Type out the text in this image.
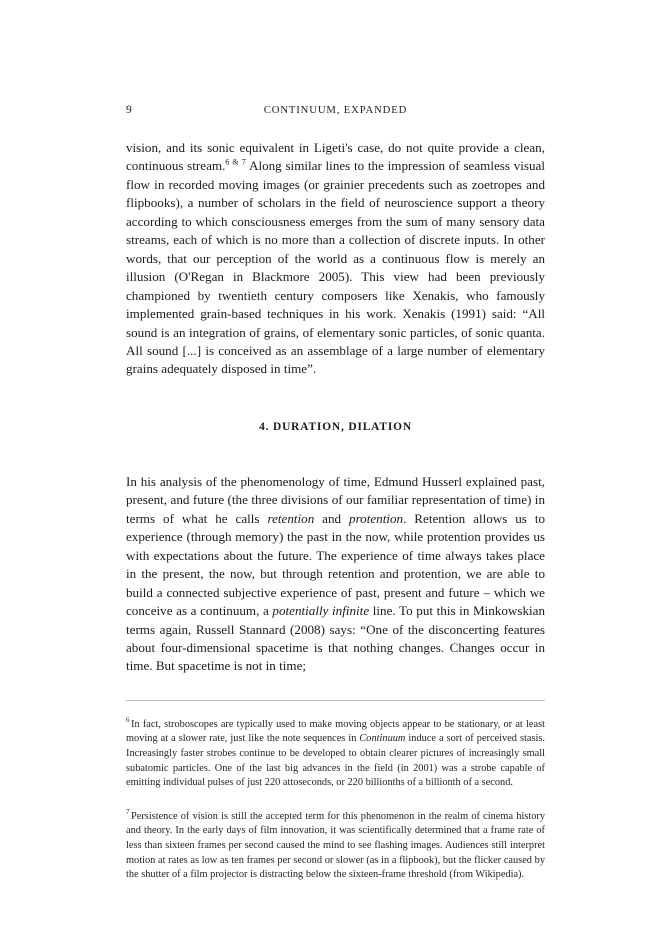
9	CONTINUUM, EXPANDED

vision, and its sonic equivalent in Ligeti's case, do not quite provide a clean, continuous stream.$^{6 \& 7}$ Along similar lines to the impression of seamless visual flow in recorded moving images (or grainier precedents such as zoetropes and flipbooks), a number of scholars in the field of neuroscience support a theory according to which consciousness emerges from the sum of many sensory data streams, each of which is no more than a collection of discrete inputs. In other words, that our perception of the world as a continuous flow is merely an illusion (O'Regan in Blackmore 2005). This view had been previously championed by twentieth century composers like Xenakis, who famously implemented grain-based techniques in his work. Xenakis (1991) said: “All sound is an integration of grains, of elementary sonic particles, of sonic quanta. All sound [...] is conceived as an assemblage of a large number of elementary grains adequately disposed in time”.

4. DURATION, DILATION

In his analysis of the phenomenology of time, Edmund Husserl explained past, present, and future (the three divisions of our familiar representation of time) in terms of what he calls retention and protention. Retention allows us to experience (through memory) the past in the now, while protention provides us with expectations about the future. The experience of time always takes place in the present, the now, but through retention and protention, we are able to build a connected subjective experience of past, present and future – which we conceive as a continuum, a potentially infinite line. To put this in Minkowskian terms again, Russell Stannard (2008) says: “One of the disconcerting features about four-dimensional spacetime is that nothing changes. Changes occur in time. But spacetime is not in time;

$^6$ In fact, stroboscopes are typically used to make moving objects appear to be stationary, or at least moving at a slower rate, just like the note sequences in Continuum induce a sort of perceived stasis. Increasingly faster strobes continue to be developed to obtain clearer pictures of increasingly small subatomic particles. One of the last big advances in the field (in 2001) was a strobe capable of emitting individual pulses of just 220 attoseconds, or 220 billionths of a billionth of a second.

$^7$ Persistence of vision is still the accepted term for this phenomenon in the realm of cinema history and theory. In the early days of film innovation, it was scientifically determined that a frame rate of less than sixteen frames per second caused the mind to see flashing images. Audiences still interpret motion at rates as low as ten frames per second or slower (as in a flipbook), but the flicker caused by the shutter of a film projector is distracting below the sixteen-frame threshold (from Wikipedia).
